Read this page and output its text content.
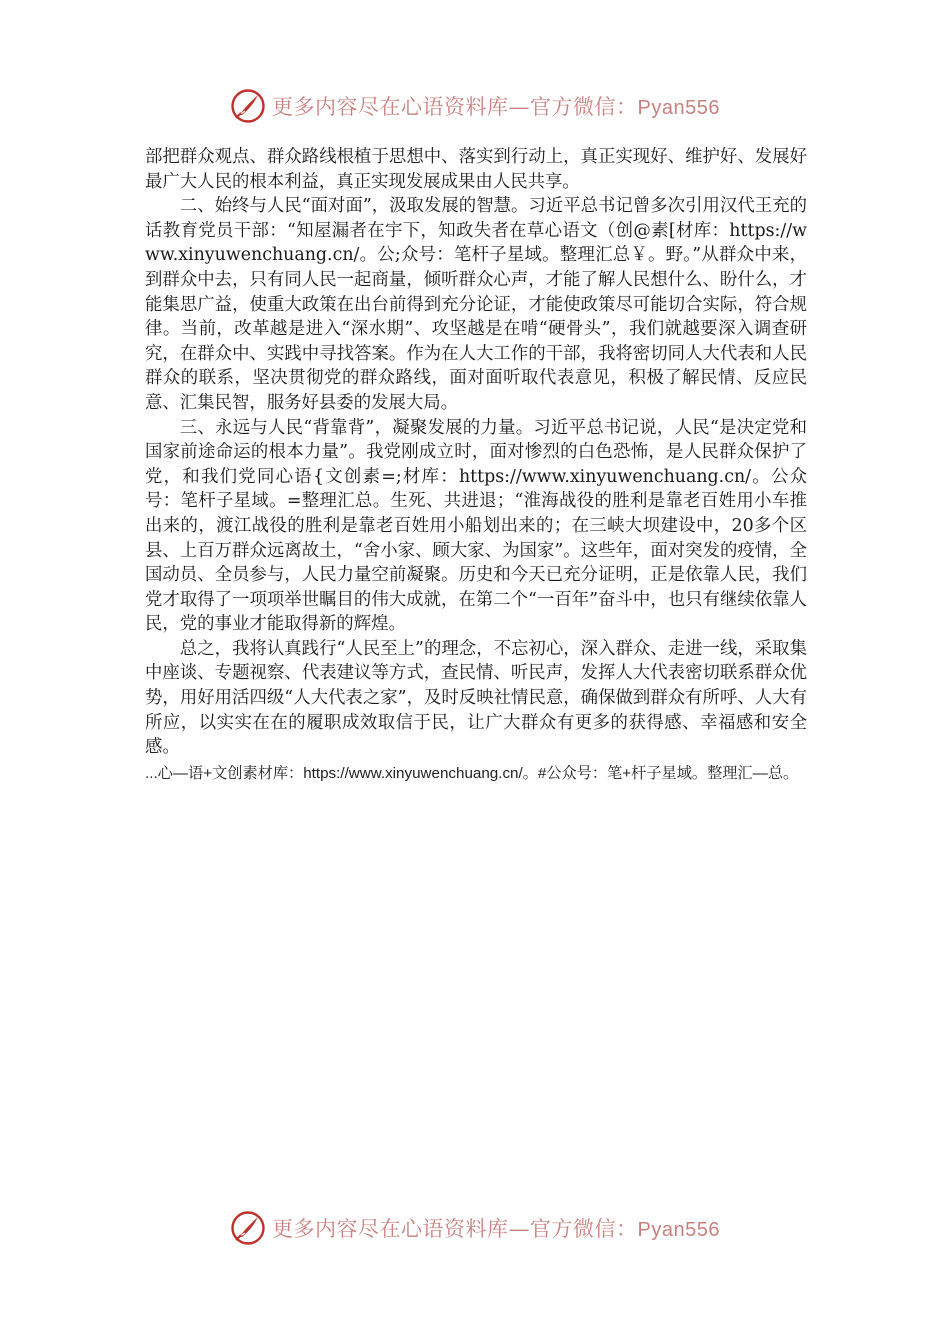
更多内容尽在心语资料库—官方微信：Pyan556

部把群众观点、群众路线根植于思想中、落实到行动上，真正实现好、维护好、发展好最广大人民的根本利益，真正实现发展成果由人民共享。

二、始终与人民“面对面”，汲取发展的智慧。习近平总书记曾多次引用汉代王充的话教育党员干部：“知屋漏者在宇下，知政失者在草心语文（创@素[材库：https://www.xinyuwenchuang.cn/。公;众号：笔杆子星域。整理汇总￥。野。”从群众中来，到群众中去，只有同人民一起商量，倾听群众心声，才能了解人民想什么、盼什么，才能集思广益，使重大政策在出台前得到充分论证，才能使政策尽可能切合实际，符合规律。当前，改革越是进入“深水期”、攻坚越是在啃“硬骨头”，我们就越要深入调查研究，在群众中、实践中寻找答案。作为在人大工作的干部，我将密切同人大代表和人民群众的联系，坚决贯彻党的群众路线，面对面听取代表意见，积极了解民情、反应民意、汇集民智，服务好县委的发展大局。

三、永远与人民“背靠背”，凝聚发展的力量。习近平总书记说，人民“是决定党和国家前途命运的根本力量”。我党刚成立时，面对惨烈的白色恐怖，是人民群众保护了党，和我们党同心语{文创素=;材库：https://www.xinyuwenchuang.cn/。公众号：笔杆子星域。=整理汇总。生死、共进退；“淮海战役的胜利是靠老百姓用小车推出来的，渡江战役的胜利是靠老百姓用小船划出来的；在三峡大坝建设中，20多个区县、上百万群众远离故土，“舍小家、顾大家、为国家”。这些年，面对突发的疫情，全国动员、全员参与，人民力量空前凝聚。历史和今天已充分证明，正是依靠人民，我们党才取得了一项项举世瞩目的伟大成就，在第二个“一百年”奋斗中，也只有继续依靠人民，党的事业才能取得新的辉煌。

总之，我将认真践行“人民至上”的理念，不忘初心，深入群众、走进一线，采取集中座谈、专题视察、代表建议等方式，查民情、听民声，发挥人大代表密切联系群众优势，用好用活四级“人大代表之家”，及时反映社情民意，确保做到群众有所呼、人大有所应，以实实在在的履职成效取信于民，让广大群众有更多的获得感、幸福感和安全感。

...心—语+文创素材库：https://www.xinyuwenchuang.cn/。#公众号：笔+杆子星域。整理汇—总。

更多内容尽在心语资料库—官方微信：Pyan556
